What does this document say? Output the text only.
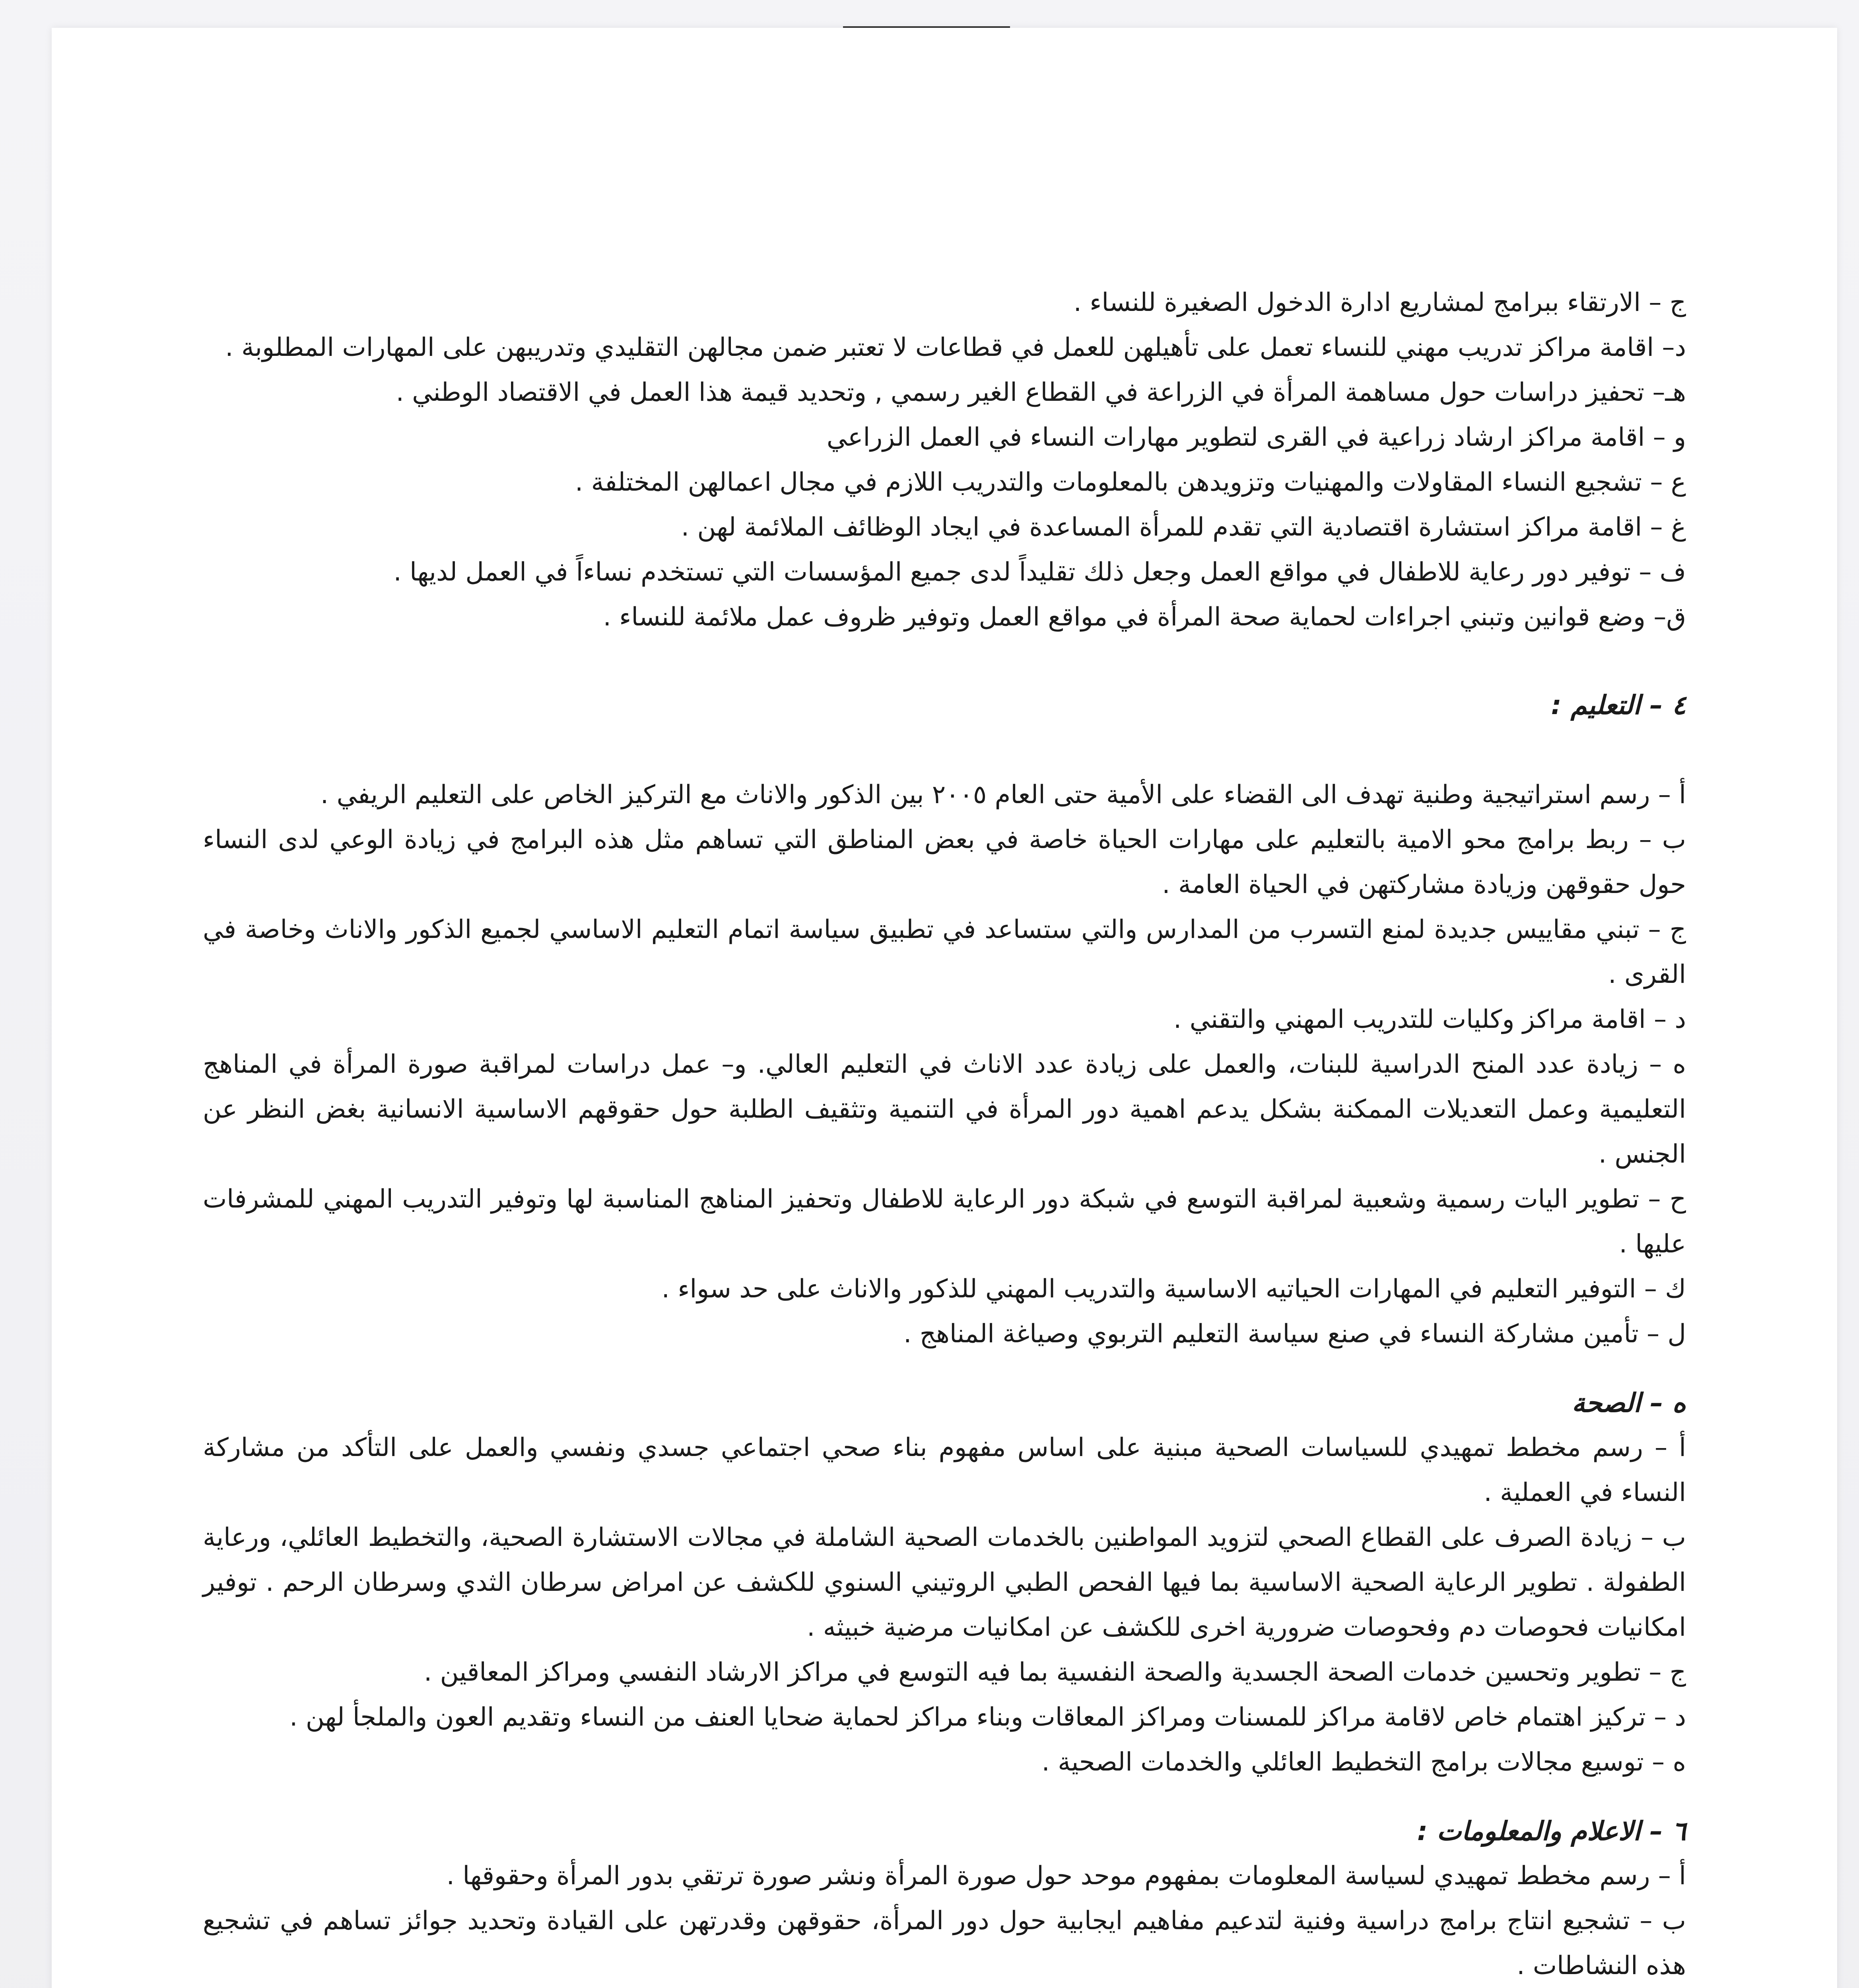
ج – الارتقاء ببرامج لمشاريع ادارة الدخول الصغيرة للنساء .

د– اقامة مراكز تدريب مهني للنساء تعمل على تأهيلهن للعمل في قطاعات لا تعتبر ضمن مجالهن التقليدي وتدريبهن على المهارات المطلوبة .

هـ– تحفيز دراسات حول مساهمة المرأة في الزراعة في القطاع الغير رسمي , وتحديد قيمة هذا العمل في الاقتصاد الوطني .

و – اقامة مراكز ارشاد زراعية في القرى لتطوير مهارات النساء في العمل الزراعي

ع – تشجيع النساء المقاولات والمهنيات وتزويدهن بالمعلومات والتدريب اللازم في مجال اعمالهن المختلفة .

غ – اقامة مراكز استشارة اقتصادية التي تقدم للمرأة المساعدة في ايجاد الوظائف الملائمة لهن .

ف – توفير دور رعاية للاطفال في مواقع العمل وجعل ذلك تقليداً لدى جميع المؤسسات التي تستخدم نساءاً في العمل لديها .

ق– وضع قوانين وتبني اجراءات لحماية صحة المرأة في مواقع العمل وتوفير ظروف عمل ملائمة للنساء .

٤ – التعليم :

أ – رسم استراتيجية وطنية تهدف الى القضاء على الأمية حتى العام ٢٠٠٥ بين الذكور والاناث مع التركيز الخاص على التعليم الريفي .

ب – ربط برامج محو الامية بالتعليم على مهارات الحياة خاصة في بعض المناطق التي تساهم مثل هذه البرامج في زيادة الوعي لدى النساء حول حقوقهن وزيادة مشاركتهن في الحياة العامة .

ج – تبني مقاييس جديدة لمنع التسرب من المدارس والتي ستساعد في تطبيق سياسة اتمام التعليم الاساسي لجميع الذكور والاناث وخاصة في القرى .

د – اقامة مراكز وكليات للتدريب المهني والتقني .

ه – زيادة عدد المنح الدراسية للبنات، والعمل على زيادة عدد الاناث في التعليم العالي. و– عمل دراسات لمراقبة صورة المرأة في المناهج التعليمية وعمل التعديلات الممكنة بشكل يدعم اهمية دور المرأة في التنمية وتثقيف الطلبة حول حقوقهم الاساسية الانسانية بغض النظر عن الجنس .

ح – تطوير اليات رسمية وشعبية لمراقبة التوسع في شبكة دور الرعاية للاطفال وتحفيز المناهج المناسبة لها وتوفير التدريب المهني للمشرفات عليها .

ك – التوفير التعليم في المهارات الحياتيه الاساسية والتدريب المهني للذكور والاناث على حد سواء .

ل – تأمين مشاركة النساء في صنع سياسة التعليم التربوي وصياغة المناهج .

ه – الصحة

أ – رسم مخطط تمهيدي للسياسات الصحية مبنية على اساس مفهوم بناء صحي اجتماعي جسدي ونفسي والعمل على التأكد من مشاركة النساء في العملية .

ب – زيادة الصرف على القطاع الصحي لتزويد المواطنين بالخدمات الصحية الشاملة في مجالات الاستشارة الصحية، والتخطيط العائلي، ورعاية الطفولة . تطوير الرعاية الصحية الاساسية بما فيها الفحص الطبي الروتيني السنوي للكشف عن امراض سرطان الثدي وسرطان الرحم . توفير امكانيات فحوصات دم وفحوصات ضرورية اخرى للكشف عن امكانيات مرضية خبيثه .

ج – تطوير وتحسين خدمات الصحة الجسدية والصحة النفسية بما فيه التوسع في مراكز الارشاد النفسي ومراكز المعاقين .

د – تركيز اهتمام خاص لاقامة مراكز للمسنات ومراكز المعاقات وبناء مراكز لحماية ضحايا العنف من النساء وتقديم العون والملجأ لهن .

ه – توسيع مجالات برامج التخطيط العائلي والخدمات الصحية .

٦ – الاعلام والمعلومات :

أ – رسم مخطط تمهيدي لسياسة المعلومات بمفهوم موحد حول صورة المرأة ونشر صورة ترتقي بدور المرأة وحقوقها .

ب – تشجيع انتاج برامج دراسية وفنية لتدعيم مفاهيم ايجابية حول دور المرأة، حقوقهن وقدرتهن على القيادة وتحديد جوائز تساهم في تشجيع هذه النشاطات .
